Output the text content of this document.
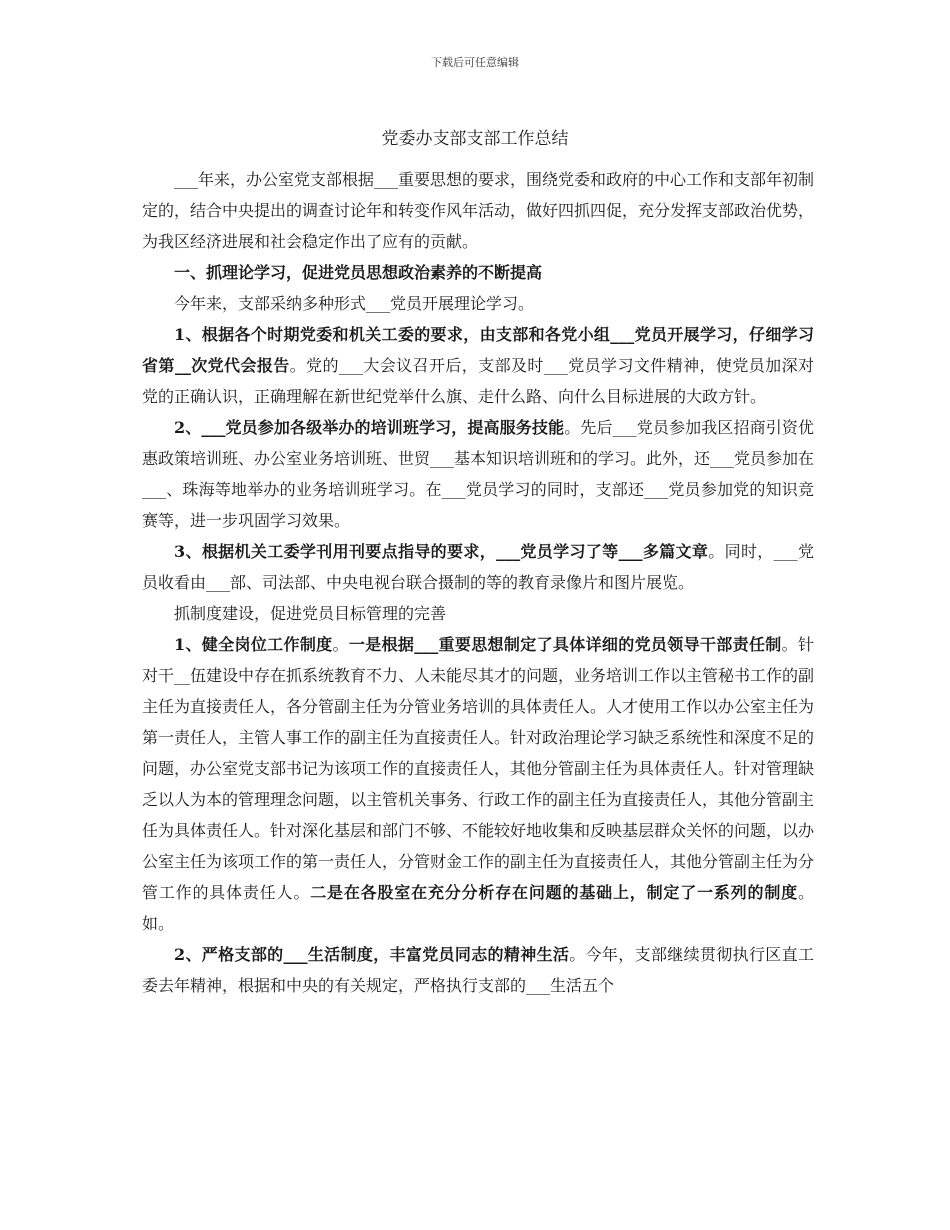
下载后可任意编辑
党委办支部支部工作总结

___年来，办公室党支部根据___重要思想的要求，围绕党委和政府的中心工作和支部年初制定的，结合中央提出的调查讨论年和转变作风年活动，做好四抓四促，充分发挥支部政治优势，为我区经济进展和社会稳定作出了应有的贡献。

一、抓理论学习，促进党员思想政治素养的不断提高

今年来，支部采纳多种形式___党员开展理论学习。

1、根据各个时期党委和机关工委的要求，由支部和各党小组___党员开展学习，仔细学习省第__次党代会报告。党的___大会议召开后，支部及时___党员学习文件精神，使党员加深对党的正确认识，正确理解在新世纪党举什么旗、走什么路、向什么目标进展的大政方针。

2、___党员参加各级举办的培训班学习，提高服务技能。先后___党员参加我区招商引资优惠政策培训班、办公室业务培训班、世贸___基本知识培训班和的学习。此外，还___党员参加在___、珠海等地举办的业务培训班学习。在___党员学习的同时，支部还___党员参加党的知识竞赛等，进一步巩固学习效果。

3、根据机关工委学刊用刊要点指导的要求，___党员学习了等___多篇文章。同时，___党员收看由___部、司法部、中央电视台联合摄制的等的教育录像片和图片展览。

抓制度建设，促进党员目标管理的完善

1、健全岗位工作制度。一是根据___重要思想制定了具体详细的党员领导干部责任制。针对干__伍建设中存在抓系统教育不力、人未能尽其才的问题，业务培训工作以主管秘书工作的副主任为直接责任人，各分管副主任为分管业务培训的具体责任人。人才使用工作以办公室主任为第一责任人，主管人事工作的副主任为直接责任人。针对政治理论学习缺乏系统性和深度不足的问题，办公室党支部书记为该项工作的直接责任人，其他分管副主任为具体责任人。针对管理缺乏以人为本的管理理念问题，以主管机关事务、行政工作的副主任为直接责任人，其他分管副主任为具体责任人。针对深化基层和部门不够、不能较好地收集和反映基层群众关怀的问题，以办公室主任为该项工作的第一责任人，分管财金工作的副主任为直接责任人，其他分管副主任为分管工作的具体责任人。二是在各股室在充分分析存在问题的基础上，制定了一系列的制度。如。

2、严格支部的___生活制度，丰富党员同志的精神生活。今年，支部继续贯彻执行区直工委去年精神，根据和中央的有关规定，严格执行支部的___生活五个
